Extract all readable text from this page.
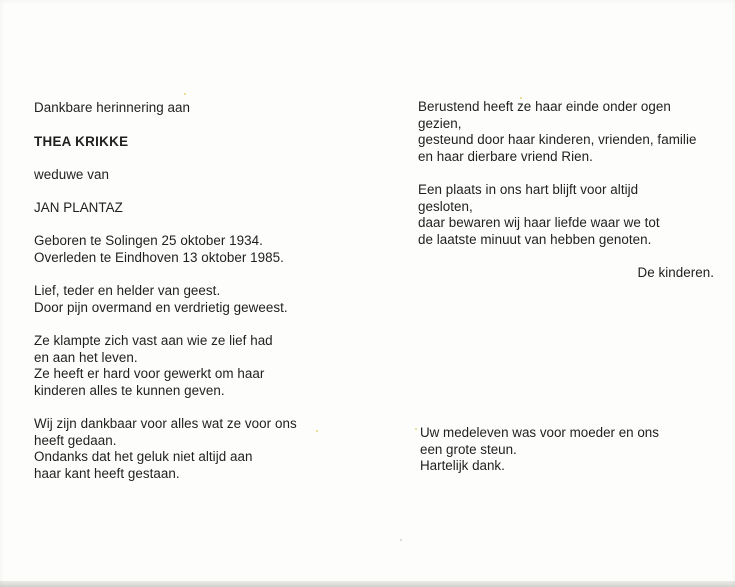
Dankbare herinnering aan

THEA KRIKKE

weduwe van

JAN PLANTAZ

Geboren te Solingen 25 oktober 1934.

Overleden te Eindhoven 13 oktober 1985.

Lief, teder en helder van geest.

Door pijn overmand en verdrietig geweest.

Ze klampte zich vast aan wie ze lief had

en aan het leven.

Ze heeft er hard voor gewerkt om haar

kinderen alles te kunnen geven.

Wij zijn dankbaar voor alles wat ze voor ons

heeft gedaan.

Ondanks dat het geluk niet altijd aan

haar kant heeft gestaan.

Berustend heeft ze haar einde onder ogen

gezien,

gesteund door haar kinderen, vrienden, familie

en haar dierbare vriend Rien.

Een plaats in ons hart blijft voor altijd

gesloten,

daar bewaren wij haar liefde waar we tot

de laatste minuut van hebben genoten.

De kinderen.

Uw medeleven was voor moeder en ons

een grote steun.

Hartelijk dank.
